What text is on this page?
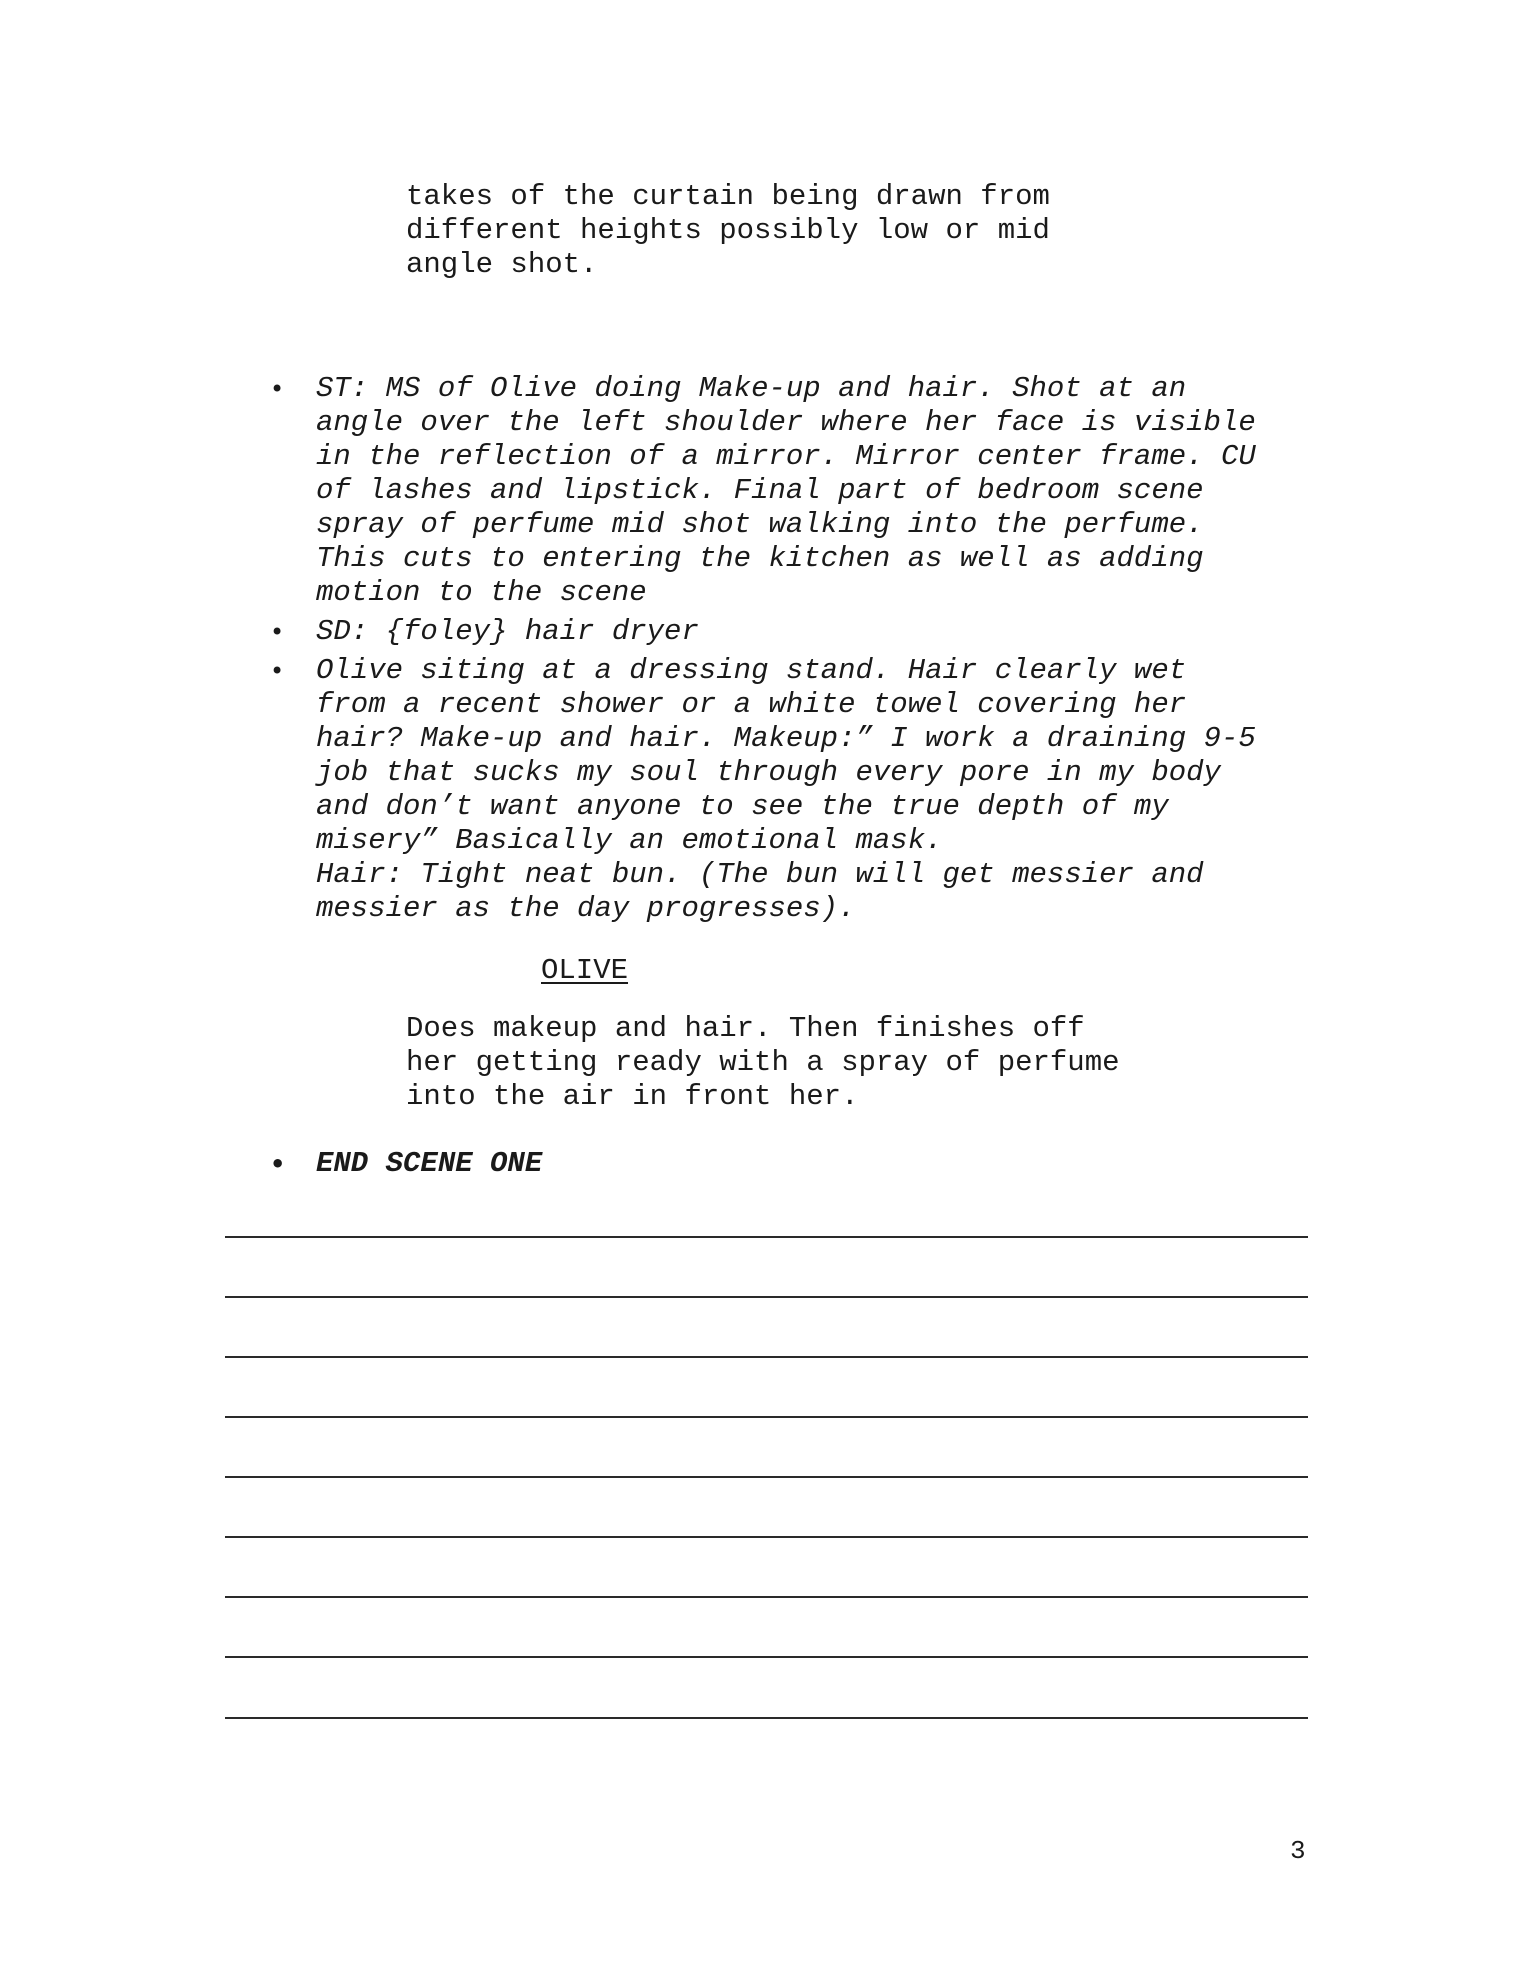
takes of the curtain being drawn from
different heights possibly low or mid
angle shot.
• ST: MS of Olive doing Make-up and hair. Shot at an
angle over the left shoulder where her face is visible
in the reflection of a mirror. Mirror center frame. CU
of lashes and lipstick. Final part of bedroom scene
spray of perfume mid shot walking into the perfume.
This cuts to entering the kitchen as well as adding
motion to the scene
• SD: {foley} hair dryer
• Olive siting at a dressing stand. Hair clearly wet
from a recent shower or a white towel covering her
hair? Make-up and hair. Makeup:” I work a draining 9-5
job that sucks my soul through every pore in my body
and don’t want anyone to see the true depth of my
misery” Basically an emotional mask.
Hair: Tight neat bun. (The bun will get messier and
messier as the day progresses).
OLIVE
Does makeup and hair. Then finishes off
her getting ready with a spray of perfume
into the air in front her.
• END SCENE ONE
3
